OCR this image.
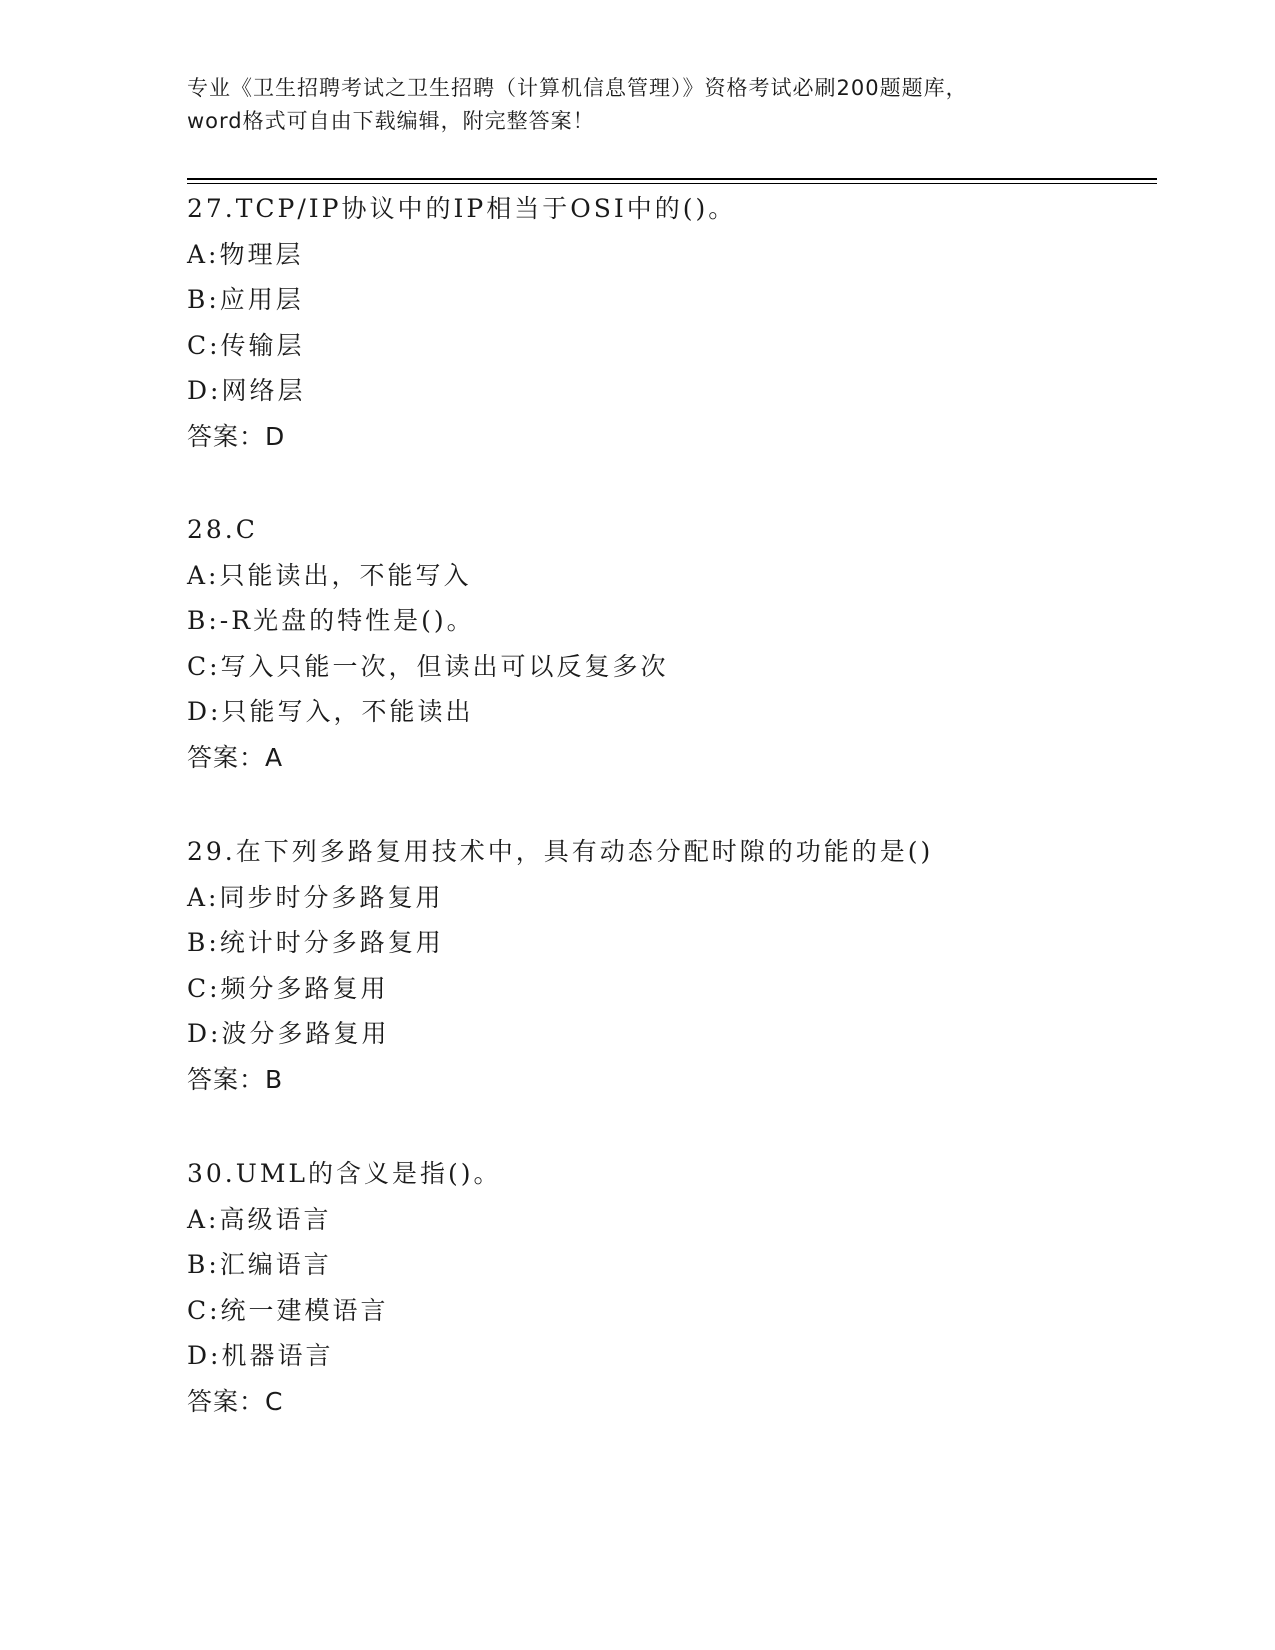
专业《卫生招聘考试之卫生招聘（计算机信息管理）》资格考试必刷200题题库，
word格式可自由下载编辑，附完整答案！
27.TCP/IP协议中的IP相当于OSI中的()。
A:物理层
B:应用层
C:传输层
D:网络层
答案：D
28.C
A:只能读出，不能写入
B:-R光盘的特性是()。
C:写入只能一次，但读出可以反复多次
D:只能写入，不能读出
答案：A
29.在下列多路复用技术中，具有动态分配时隙的功能的是()
A:同步时分多路复用
B:统计时分多路复用
C:频分多路复用
D:波分多路复用
答案：B
30.UML的含义是指()。
A:高级语言
B:汇编语言
C:统一建模语言
D:机器语言
答案：C
